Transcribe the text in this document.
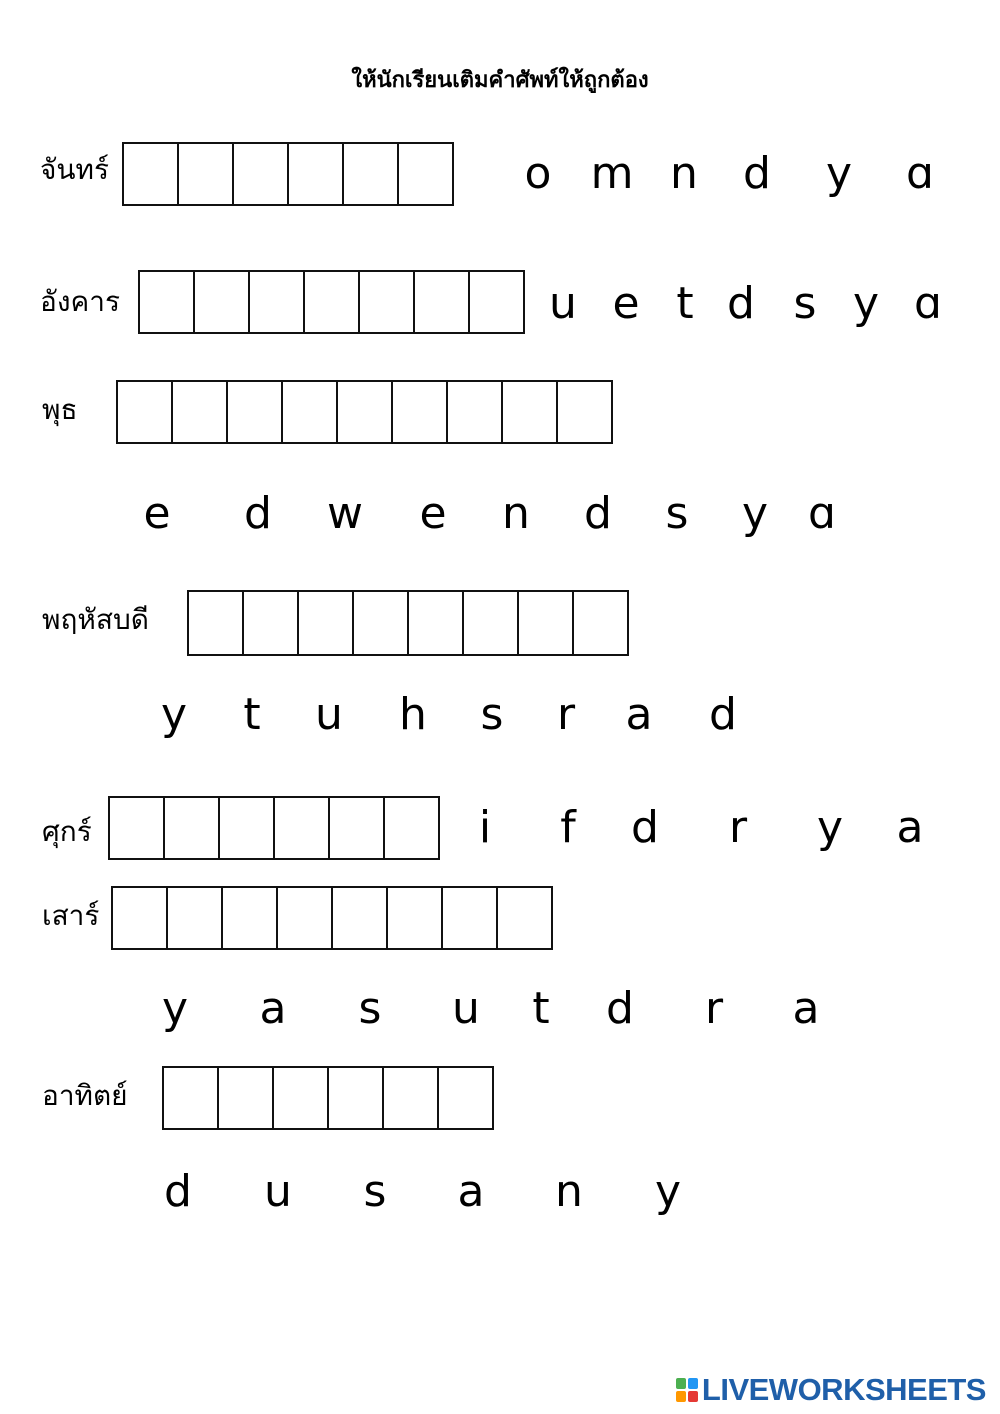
ให้นักเรียนเติมคำศัพท์ให้ถูกต้อง
จันทร์	o m n d y ɑ
อังคาร	u e t d s y ɑ
พุธ
e d w e n d s y ɑ
พฤหัสบดี
y t u h s r a d
ศุกร์	i f d r y a
เสาร์
y a s u t d r a
อาทิตย์
d u s a n y
LIVEWORKSHEETS
